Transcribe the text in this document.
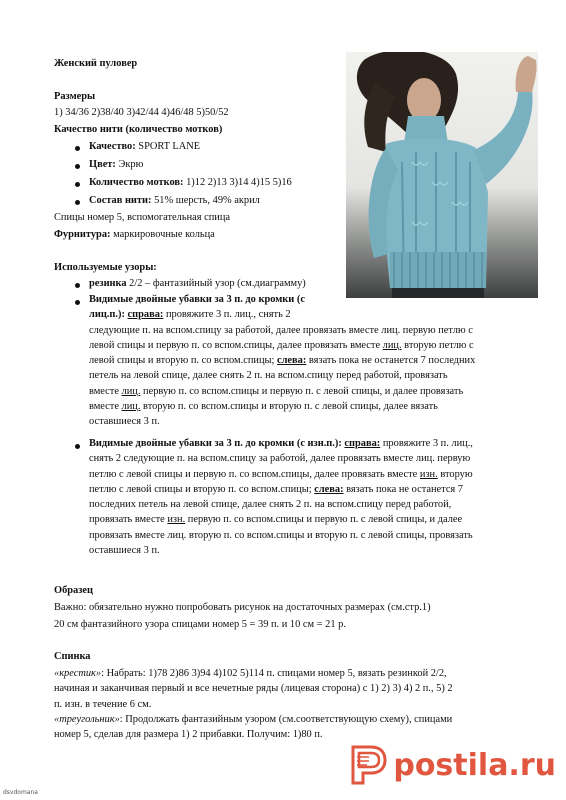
Женский пуловер

Размеры

1) 34/36 2)38/40 3)42/44 4)46/48 5)50/52

Качество нити (количество мотков)

Качество: SPORT LANE

Цвет: Экрю

Количество мотков: 1)12 2)13 3)14 4)15 5)16

Состав нити: 51% шерсть, 49% акрил

Спицы номер 5, вспомогательная спица

Фурнитура: маркировочные кольца

Используемые узоры:

резинка 2/2 – фантазийный узор (см.диаграмму)

Видимые двойные убавки за 3 п. до кромки (с
лиц.п.): справа: провяжите 3 п. лиц., снять 2
следующие п. на вспом.спицу за работой, далее провязать вместе лиц. первую петлю с
левой спицы и первую п. со вспом.спицы, далее провязать вместе лиц. вторую петлю с
левой спицы и вторую п. со вспом.спицы; слева: вязать пока не останется 7 последних
петель на левой спице, далее снять 2 п. на вспом.спицу перед работой, провязать
вместе лиц. первую п. со вспом.спицы и первую п. с левой спицы, и далее провязать
вместе лиц. вторую п. со вспом.спицы и вторую п. с левой спицы, далее вязать
оставшиеся 3 п.
Видимые двойные убавки за 3 п. до кромки (с изн.п.): справа: провяжите 3 п. лиц.,
снять 2 следующие п. на вспом.спицу за работой, далее провязать вместе лиц. первую
петлю с левой спицы и первую п. со вспом.спицы, далее провязать вместе изн. вторую
петлю с левой спицы и вторую п. со вспом.спицы; слева: вязать пока не останется 7
последних петель на левой спице, далее снять 2 п. на вспом.спицу перед работой,
провязать вместе изн. первую п. со вспом.спицы и первую п. с левой спицы, и далее
провязать вместе лиц. вторую п. со вспом.спицы и вторую п. с левой спицы, провязать
оставшиеся 3 п.

Образец

Важно: обязательно нужно попробовать рисунок на достаточных размерах (см.стр.1)

20 см фантазийного узора спицами номер 5 = 39 п. и 10 см = 21 р.

Спинка

«крестик»: Набрать: 1)78 2)86 3)94 4)102 5)114 п. спицами номер 5, вязать резинкой 2/2,
начиная и заканчивая первый и все нечетные ряды (лицевая сторона) с 1) 2) 3) 4) 2 п., 5) 2
п. изн. в течение 6 см.
«треугольник»: Продолжать фантазийным узором (см.соответствующую схему), спицами
номер 5, сделав для размера 1) 2 прибавки. Получим: 1)80 п.
postila.ru
dsvdomana
